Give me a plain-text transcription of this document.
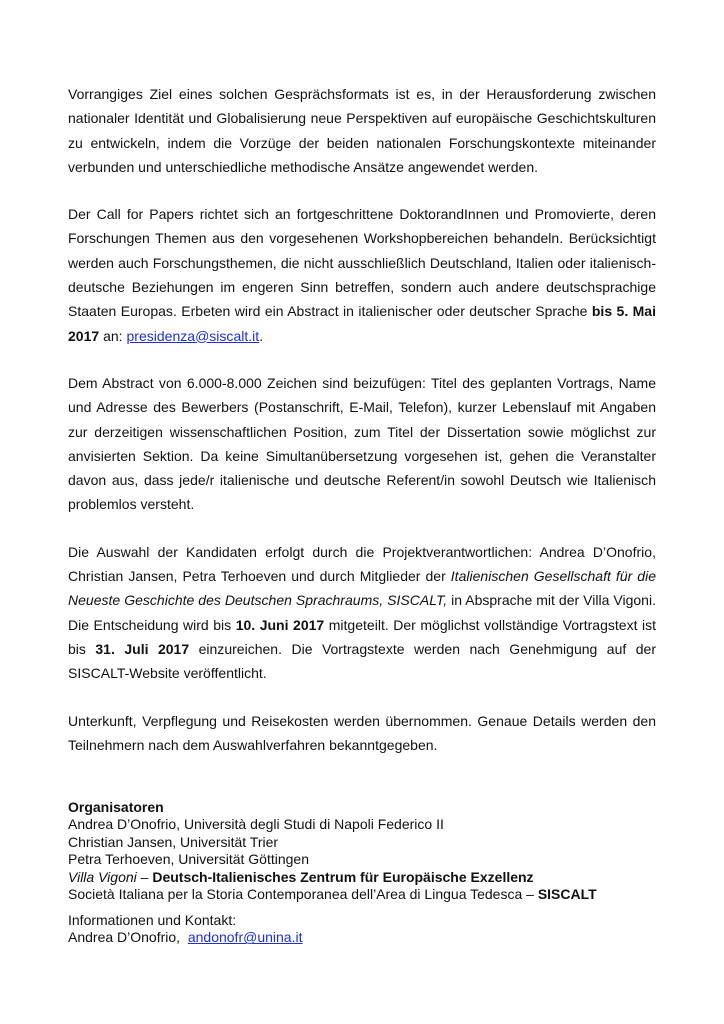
Vorrangiges Ziel eines solchen Gesprächsformats ist es, in der Herausforderung zwischen nationaler Identität und Globalisierung neue Perspektiven auf europäische Geschichtskulturen zu entwickeln, indem die Vorzüge der beiden nationalen Forschungskontexte miteinander verbunden und unterschiedliche methodische Ansätze angewendet werden.

Der Call for Papers richtet sich an fortgeschrittene DoktorandInnen und Promovierte, deren Forschungen Themen aus den vorgesehenen Workshopbereichen behandeln. Berücksichtigt werden auch Forschungsthemen, die nicht ausschließlich Deutschland, Italien oder italienisch-deutsche Beziehungen im engeren Sinn betreffen, sondern auch andere deutschsprachige Staaten Europas. Erbeten wird ein Abstract in italienischer oder deutscher Sprache bis 5. Mai 2017 an: presidenza@siscalt.it.

Dem Abstract von 6.000-8.000 Zeichen sind beizufügen: Titel des geplanten Vortrags, Name und Adresse des Bewerbers (Postanschrift, E-Mail, Telefon), kurzer Lebenslauf mit Angaben zur derzeitigen wissenschaftlichen Position, zum Titel der Dissertation sowie möglichst zur anvisierten Sektion. Da keine Simultanübersetzung vorgesehen ist, gehen die Veranstalter davon aus, dass jede/r italienische und deutsche Referent/in sowohl Deutsch wie Italienisch problemlos versteht.

Die Auswahl der Kandidaten erfolgt durch die Projektverantwortlichen: Andrea D’Onofrio, Christian Jansen, Petra Terhoeven und durch Mitglieder der Italienischen Gesellschaft für die Neueste Geschichte des Deutschen Sprachraums, SISCALT, in Absprache mit der Villa Vigoni. Die Entscheidung wird bis 10. Juni 2017 mitgeteilt. Der möglichst vollständige Vortragstext ist bis 31. Juli 2017 einzureichen. Die Vortragstexte werden nach Genehmigung auf der SISCALT-Website veröffentlicht.

Unterkunft, Verpflegung und Reisekosten werden übernommen. Genaue Details werden den Teilnehmern nach dem Auswahlverfahren bekanntgegeben.

Organisatoren
Andrea D’Onofrio, Università degli Studi di Napoli Federico II
Christian Jansen, Universität Trier
Petra Terhoeven, Universität Göttingen
Villa Vigoni – Deutsch-Italienisches Zentrum für Europäische Exzellenz
Società Italiana per la Storia Contemporanea dell’Area di Lingua Tedesca – SISCALT
Informationen und Kontakt:
Andrea D’Onofrio,  andonofr@unina.it
